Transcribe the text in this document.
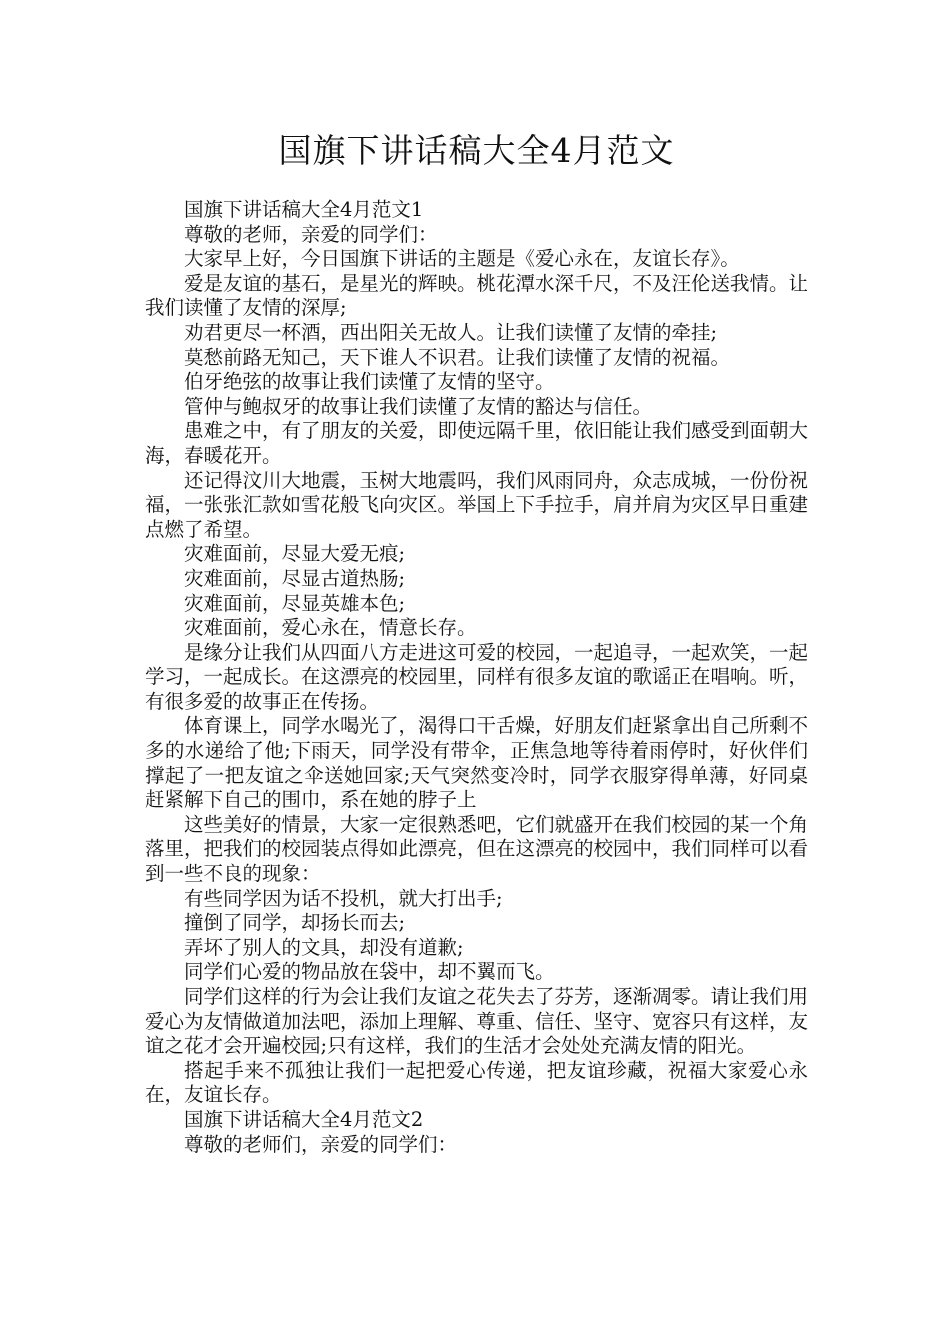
国旗下讲话稿大全4月范文

国旗下讲话稿大全4月范文1

尊敬的老师，亲爱的同学们：

大家早上好，今日国旗下讲话的主题是《爱心永在，友谊长存》。

爱是友谊的基石，是星光的辉映。桃花潭水深千尺，不及汪伦送我情。让我们读懂了友情的深厚;

劝君更尽一杯酒，西出阳关无故人。让我们读懂了友情的牵挂;

莫愁前路无知己，天下谁人不识君。让我们读懂了友情的祝福。

伯牙绝弦的故事让我们读懂了友情的坚守。

管仲与鲍叔牙的故事让我们读懂了友情的豁达与信任。

患难之中，有了朋友的关爱，即使远隔千里，依旧能让我们感受到面朝大海，春暖花开。

还记得汶川大地震，玉树大地震吗，我们风雨同舟，众志成城，一份份祝福，一张张汇款如雪花般飞向灾区。举国上下手拉手，肩并肩为灾区早日重建点燃了希望。

灾难面前，尽显大爱无痕;

灾难面前，尽显古道热肠;

灾难面前，尽显英雄本色;

灾难面前，爱心永在，情意长存。

是缘分让我们从四面八方走进这可爱的校园，一起追寻，一起欢笑，一起学习，一起成长。在这漂亮的校园里，同样有很多友谊的歌谣正在唱响。听，有很多爱的故事正在传扬。

体育课上，同学水喝光了，渴得口干舌燥，好朋友们赶紧拿出自己所剩不多的水递给了他;下雨天，同学没有带伞，正焦急地等待着雨停时，好伙伴们撑起了一把友谊之伞送她回家;天气突然变冷时，同学衣服穿得单薄，好同桌赶紧解下自己的围巾，系在她的脖子上

这些美好的情景，大家一定很熟悉吧，它们就盛开在我们校园的某一个角落里，把我们的校园装点得如此漂亮，但在这漂亮的校园中，我们同样可以看到一些不良的现象：

有些同学因为话不投机，就大打出手;

撞倒了同学，却扬长而去;

弄坏了别人的文具，却没有道歉;

同学们心爱的物品放在袋中，却不翼而飞。

同学们这样的行为会让我们友谊之花失去了芬芳，逐渐凋零。请让我们用爱心为友情做道加法吧，添加上理解、尊重、信任、坚守、宽容只有这样，友谊之花才会开遍校园;只有这样，我们的生活才会处处充满友情的阳光。

搭起手来不孤独让我们一起把爱心传递，把友谊珍藏，祝福大家爱心永在，友谊长存。

国旗下讲话稿大全4月范文2

尊敬的老师们，亲爱的同学们：
